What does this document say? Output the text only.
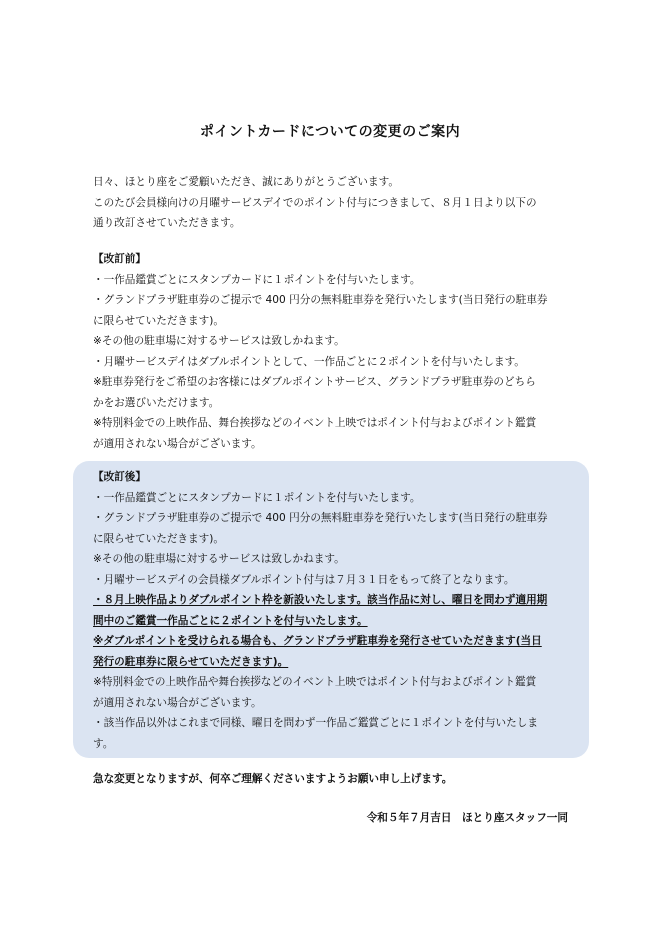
ポイントカードについての変更のご案内

日々、ほとり座をご愛顧いただき、誠にありがとうございます。

このたび会員様向けの月曜サービスデイでのポイント付与につきまして、８月１日より以下の

通り改訂させていただきます。

【改訂前】

・一作品鑑賞ごとにスタンプカードに１ポイントを付与いたします。

・グランドプラザ駐車券のご提示で 400 円分の無料駐車券を発行いたします(当日発行の駐車券

に限らせていただきます)。

※その他の駐車場に対するサービスは致しかねます。

・月曜サービスデイはダブルポイントとして、一作品ごとに２ポイントを付与いたします。

※駐車券発行をご希望のお客様にはダブルポイントサービス、グランドプラザ駐車券のどちら

かをお選びいただけます。

※特別料金での上映作品、舞台挨拶などのイベント上映ではポイント付与およびポイント鑑賞

が適用されない場合がございます。

【改訂後】

・一作品鑑賞ごとにスタンプカードに１ポイントを付与いたします。

・グランドプラザ駐車券のご提示で 400 円分の無料駐車券を発行いたします(当日発行の駐車券

に限らせていただきます)。

※その他の駐車場に対するサービスは致しかねます。

・月曜サービスデイの会員様ダブルポイント付与は７月３１日をもって終了となります。

・８月上映作品よりダブルポイント枠を新設いたします。該当作品に対し、曜日を問わず適用期

間中のご鑑賞一作品ごとに２ポイントを付与いたします。

※ダブルポイントを受けられる場合も、グランドプラザ駐車券を発行させていただきます(当日

発行の駐車券に限らせていただきます)。

※特別料金での上映作品や舞台挨拶などのイベント上映ではポイント付与およびポイント鑑賞

が適用されない場合がございます。

・該当作品以外はこれまで同様、曜日を問わず一作品ご鑑賞ごとに１ポイントを付与いたしま

す。

急な変更となりますが、何卒ご理解くださいますようお願い申し上げます。

令和５年７月吉日　ほとり座スタッフ一同
